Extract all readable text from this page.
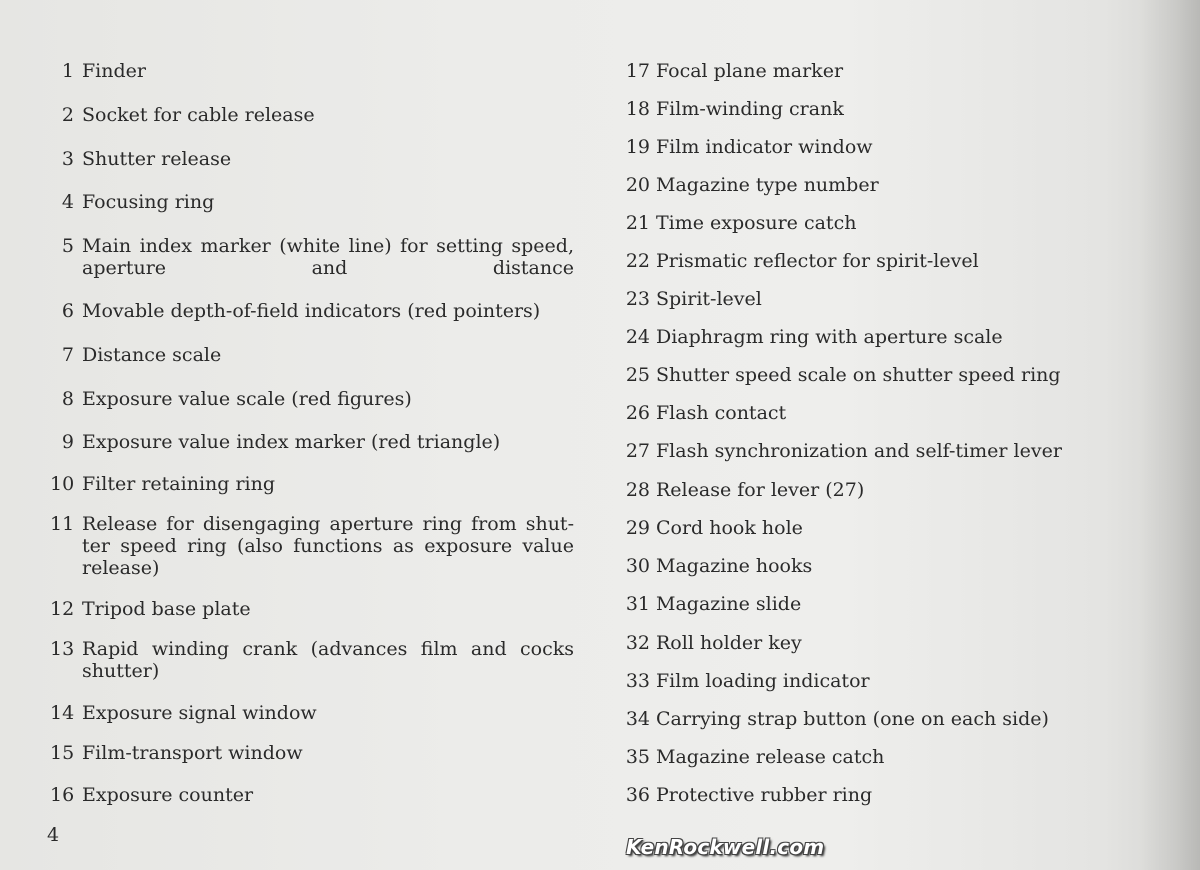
1 Finder
2 Socket for cable release
3 Shutter release
4 Focusing ring
5 Main index marker (white line) for setting speed,
aperture and distance
6 Movable depth-of-field indicators (red pointers)
7 Distance scale
8 Exposure value scale (red figures)
9 Exposure value index marker (red triangle)
10 Filter retaining ring
11 Release for disengaging aperture ring from shut-
ter speed ring (also functions as exposure value
release)
12 Tripod base plate
13 Rapid winding crank (advances film and cocks
shutter)
14 Exposure signal window
15 Film-transport window
16 Exposure counter
17 Focal plane marker
18 Film-winding crank
19 Film indicator window
20 Magazine type number
21 Time exposure catch
22 Prismatic reflector for spirit-level
23 Spirit-level
24 Diaphragm ring with aperture scale
25 Shutter speed scale on shutter speed ring
26 Flash contact
27 Flash synchronization and self-timer lever
28 Release for lever (27)
29 Cord hook hole
30 Magazine hooks
31 Magazine slide
32 Roll holder key
33 Film loading indicator
34 Carrying strap button (one on each side)
35 Magazine release catch
36 Protective rubber ring
4	KenRockwell.com
